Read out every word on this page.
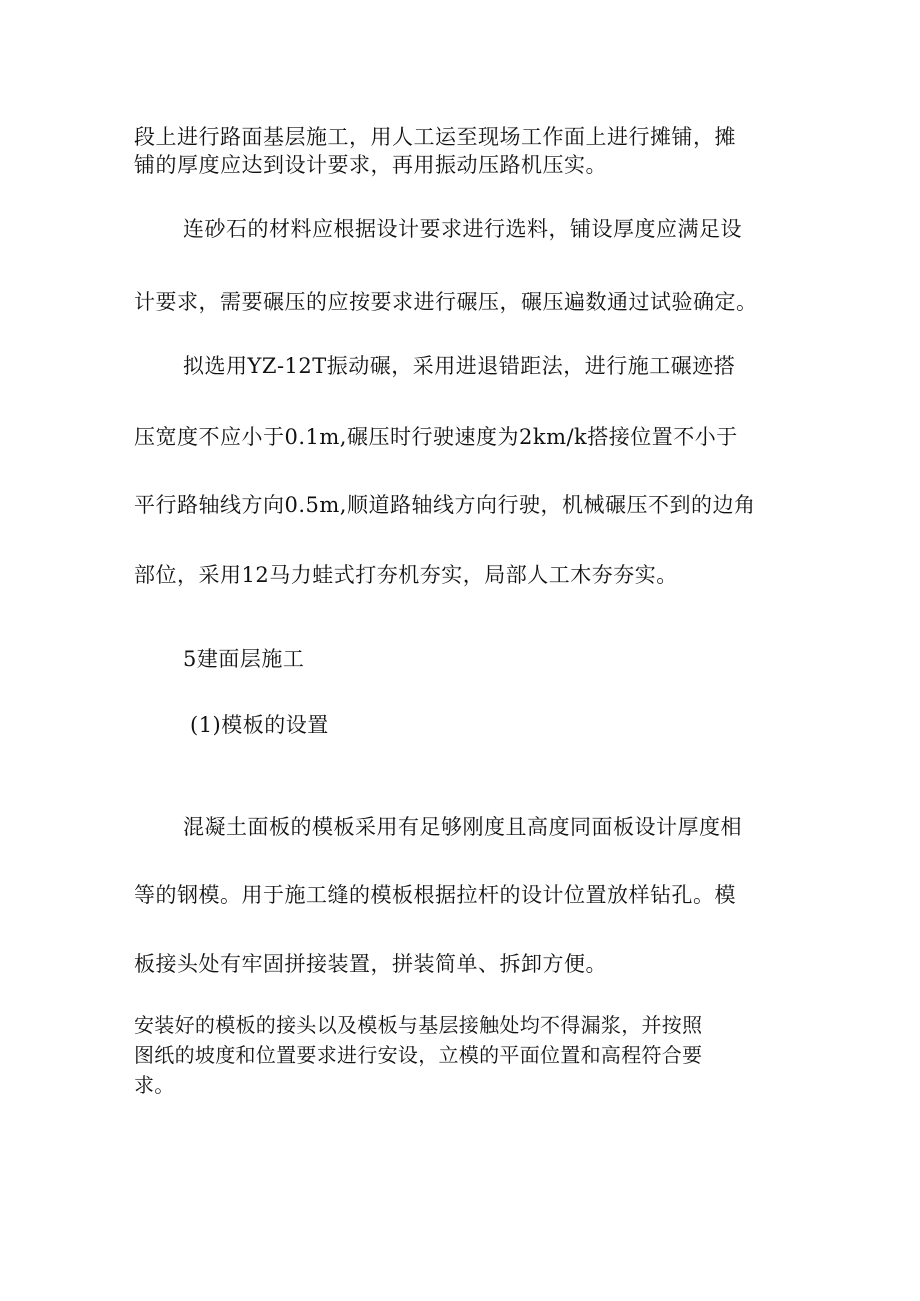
段上进行路面基层施工，用人工运至现场工作面上进行摊铺，摊
铺的厚度应达到设计要求，再用振动压路机压实。
连砂石的材料应根据设计要求进行选料，铺设厚度应满足设
计要求，需要碾压的应按要求进行碾压，碾压遍数通过试验确定。
拟选用YZ-12T振动碾，采用进退错距法，进行施工碾迹搭
压宽度不应小于0.1m,碾压时行驶速度为2km/k搭接位置不小于
平行路轴线方向0.5m,顺道路轴线方向行驶，机械碾压不到的边角
部位，采用12马力蛙式打夯机夯实，局部人工木夯夯实。
5建面层施工
(1)模板的设置
混凝土面板的模板采用有足够刚度且高度同面板设计厚度相
等的钢模。用于施工缝的模板根据拉杆的设计位置放样钻孔。模
板接头处有牢固拼接装置，拼装简单、拆卸方便。
安装好的模板的接头以及模板与基层接触处均不得漏浆，并按照
图纸的坡度和位置要求进行安设，立模的平面位置和高程符合要
求。
